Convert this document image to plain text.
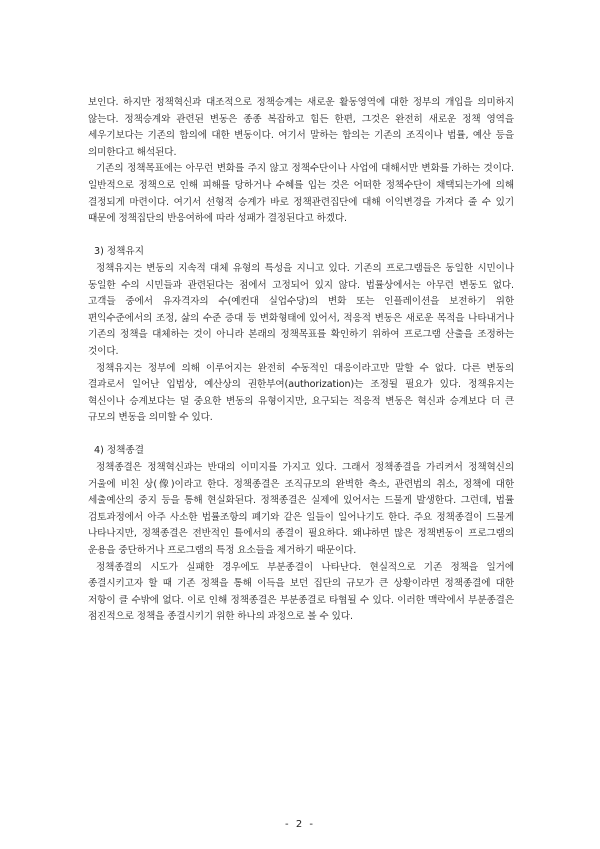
보인다. 하지만 정책혁신과 대조적으로 정책승계는 새로운 활동영역에 대한 정부의 개입을 의미하지 않는다. 정책승계와 관련된 변동은 종종 복잡하고 힘든 한편, 그것은 완전히 새로운 정책 영역을 세우기보다는 기존의 합의에 대한 변동이다. 여기서 말하는 합의는 기존의 조직이나 법률, 예산 등을 의미한다고 해석된다.

기존의 정책목표에는 아무런 변화를 주지 않고 정책수단이나 사업에 대해서만 변화를 가하는 것이다. 일반적으로 정책으로 인해 피해를 당하거나 수혜를 입는 것은 어떠한 정책수단이 채택되는가에 의해 결정되게 마련이다. 여기서 선형적 승계가 바로 정책관련집단에 대해 이익변경을 가져다 줄 수 있기 때문에 정책집단의 반응여하에 따라 성패가 결정된다고 하겠다.

3) 정책유지

정책유지는 변동의 지속적 대체 유형의 특성을 지니고 있다. 기존의 프로그램들은 동일한 시민이나 동일한 수의 시민들과 관련된다는 점에서 고정되어 있지 않다. 법률상에서는 아무런 변동도 없다. 고객들 중에서 유자격자의 수(예컨대 실업수당)의 변화 또는 인플레이션을 보전하기 위한 편익수준에서의 조정, 삶의 수준 증대 등 변화형태에 있어서, 적응적 변동은 새로운 목적을 나타내거나 기존의 정책을 대체하는 것이 아니라 본래의 정책목표를 확인하기 위하여 프로그램 산출을 조정하는 것이다.

정책유지는 정부에 의해 이루어지는 완전히 수동적인 대응이라고만 말할 수 없다. 다른 변동의 결과로서 일어난 입법상, 예산상의 권한부여(authorization)는 조정될 필요가 있다. 정책유지는 혁신이나 승계보다는 덜 중요한 변동의 유형이지만, 요구되는 적응적 변동은 혁신과 승계보다 더 큰 규모의 변동을 의미할 수 있다.

4) 정책종결

정책종결은 정책혁신과는 반대의 이미지를 가지고 있다. 그래서 정책종결을 가리켜서 정책혁신의 거울에 비친 상(像)이라고 한다. 정책종결은 조직규모의 완벽한 축소, 관련법의 취소, 정책에 대한 세출예산의 중지 등을 통해 현실화된다. 정책종결은 실제에 있어서는 드물게 발생한다. 그런데, 법률 검토과정에서 아주 사소한 법률조항의 폐기와 같은 일들이 일어나기도 한다. 주요 정책종결이 드물게 나타나지만, 정책종결은 전반적인 틀에서의 종결이 필요하다. 왜냐하면 많은 정책변동이 프로그램의 운용을 중단하거나 프로그램의 특정 요소들을 제거하기 때문이다.

정책종결의 시도가 실패한 경우에도 부분종결이 나타난다. 현실적으로 기존 정책을 일거에 종결시키고자 할 때 기존 정책을 통해 이득을 보던 집단의 규모가 큰 상황이라면 정책종결에 대한 저항이 클 수밖에 없다. 이로 인해 정책종결은 부분종결로 타협될 수 있다. 이러한 맥락에서 부분종결은 점진적으로 정책을 종결시키기 위한 하나의 과정으로 볼 수 있다.

- 2 -
